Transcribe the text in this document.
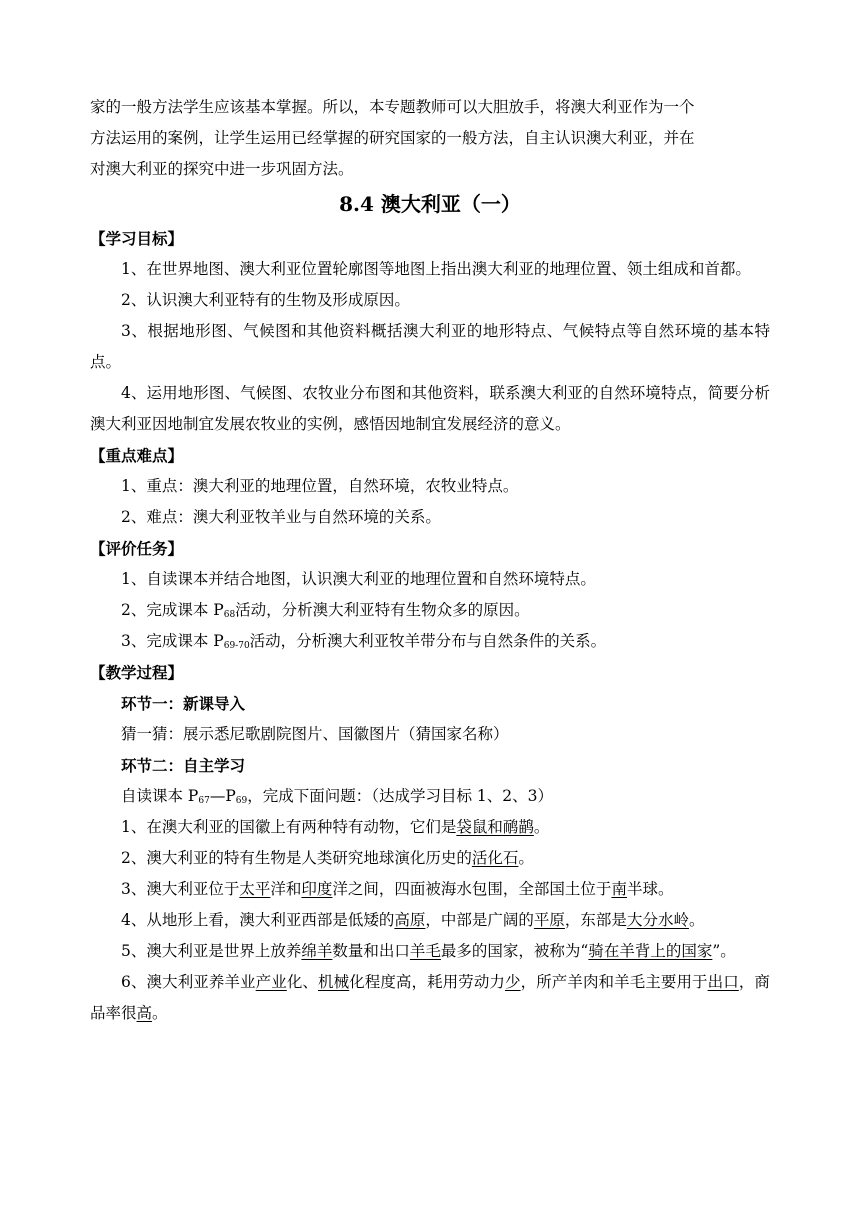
家的一般方法学生应该基本掌握。所以，本专题教师可以大胆放手，将澳大利亚作为一个

方法运用的案例，让学生运用已经掌握的研究国家的一般方法，自主认识澳大利亚，并在

对澳大利亚的探究中进一步巩固方法。

8.4 澳大利亚（一）

【学习目标】

1、在世界地图、澳大利亚位置轮廓图等地图上指出澳大利亚的地理位置、领土组成和首都。

2、认识澳大利亚特有的生物及形成原因。

3、根据地形图、气候图和其他资料概括澳大利亚的地形特点、气候特点等自然环境的基本特点。

4、运用地形图、气候图、农牧业分布图和其他资料，联系澳大利亚的自然环境特点，简要分析澳大利亚因地制宜发展农牧业的实例，感悟因地制宜发展经济的意义。

【重点难点】

1、重点：澳大利亚的地理位置，自然环境，农牧业特点。

2、难点：澳大利亚牧羊业与自然环境的关系。

【评价任务】

1、自读课本并结合地图，认识澳大利亚的地理位置和自然环境特点。

2、完成课本 $P_{68}$活动，分析澳大利亚特有生物众多的原因。

3、完成课本 $P_{69-70}$活动，分析澳大利亚牧羊带分布与自然条件的关系。

【教学过程】

环节一：新课导入

猜一猜：展示悉尼歌剧院图片、国徽图片（猜国家名称）

环节二：自主学习

自读课本 $P_{67}—P_{69}$，完成下面问题：（达成学习目标 1、2、3）

1、在澳大利亚的国徽上有两种特有动物，它们是袋鼠和鸸鹋。

2、澳大利亚的特有生物是人类研究地球演化历史的活化石。

3、澳大利亚位于太平洋和印度洋之间，四面被海水包围，全部国土位于南半球。

4、从地形上看，澳大利亚西部是低矮的高原，中部是广阔的平原，东部是大分水岭。

5、澳大利亚是世界上放养绵羊数量和出口羊毛最多的国家，被称为“骑在羊背上的国家”。

6、澳大利亚养羊业产业化、机械化程度高，耗用劳动力少，所产羊肉和羊毛主要用于出口，商品率很高。
